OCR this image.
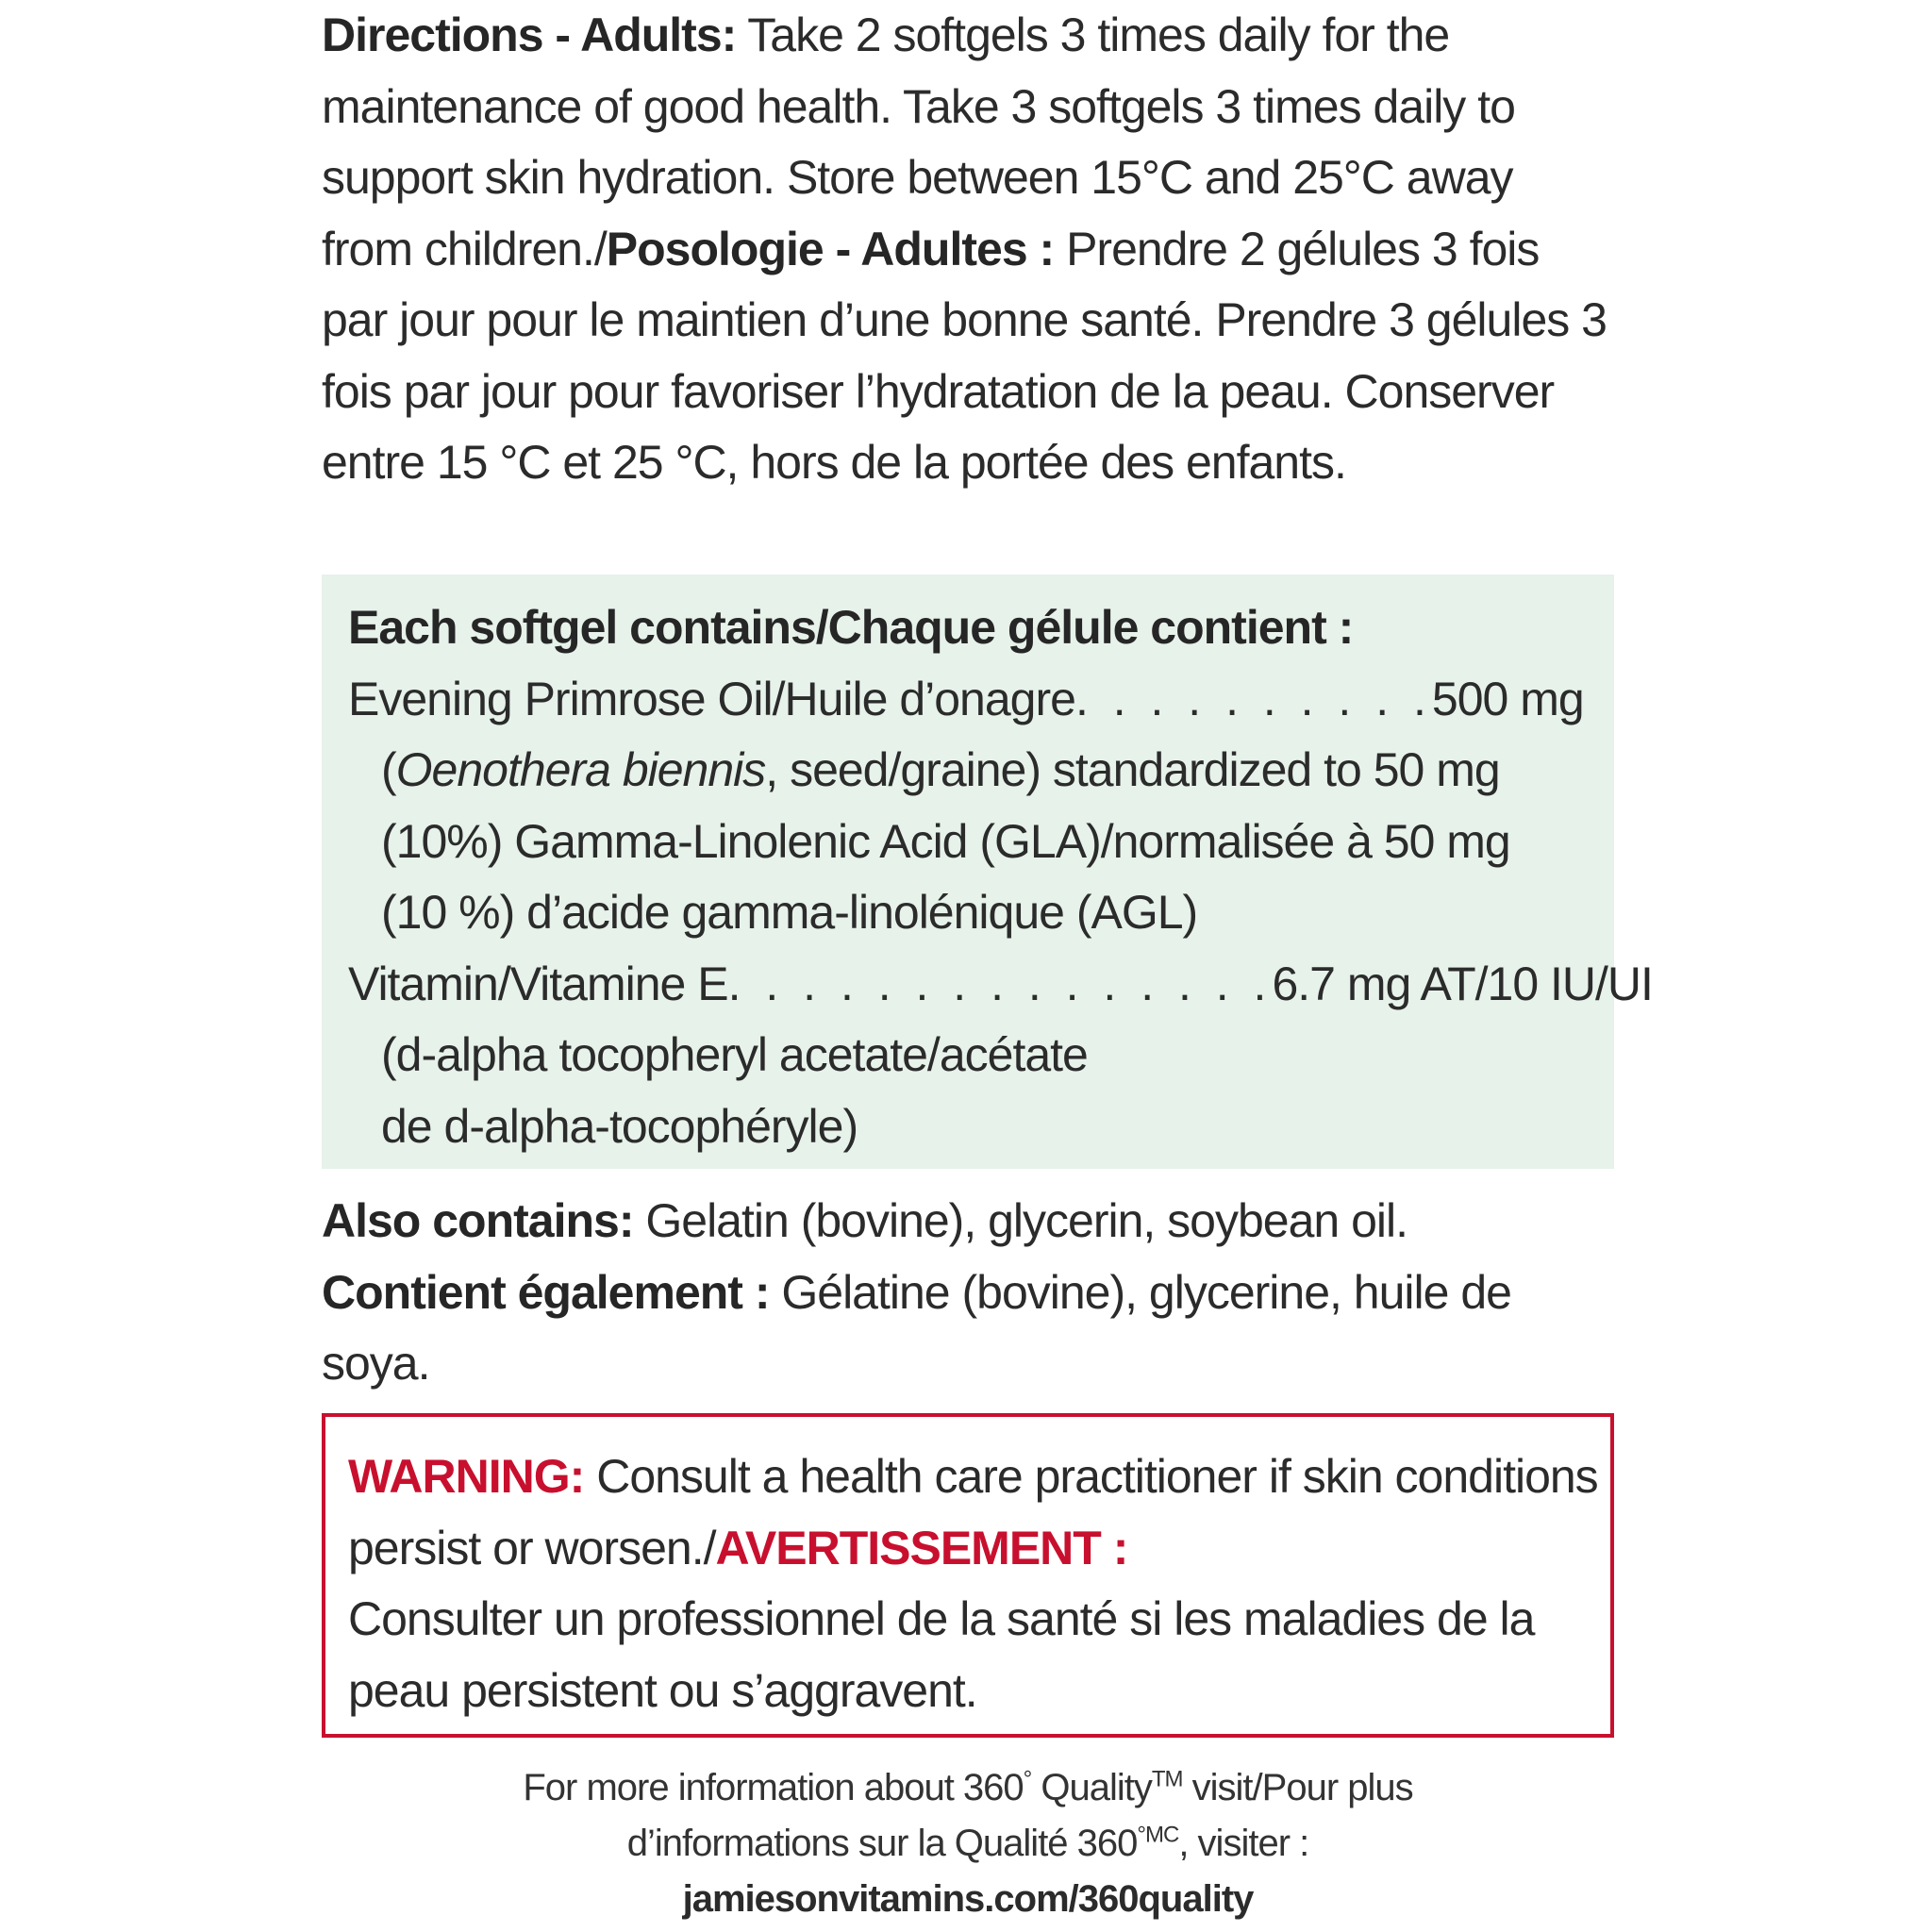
Directions - Adults: Take 2 softgels 3 times daily for the maintenance of good health. Take 3 softgels 3 times daily to support skin hydration. Store between 15°C and 25°C away from children./Posologie - Adultes : Prendre 2 gélules 3 fois par jour pour le maintien d’une bonne santé. Prendre 3 gélules 3 fois par jour pour favoriser l’hydratation de la peau. Conserver entre 15 °C et 25 °C, hors de la portée des enfants.

Each softgel contains/Chaque gélule contient :
Evening Primrose Oil/Huile d’onagre. . . . . . . . . . 500 mg
(Oenothera biennis, seed/graine) standardized to 50 mg
(10%) Gamma-Linolenic Acid (GLA)/normalisée à 50 mg
(10 %) d’acide gamma-linolénique (AGL)
Vitamin/Vitamine E. . . . . . . . . . . . . . . 6.7 mg AT/10 IU/UI
(d-alpha tocopheryl acetate/acétate
de d-alpha-tocophéryle)

Also contains: Gelatin (bovine), glycerin, soybean oil.

Contient également : Gélatine (bovine), glycerine, huile de soya.

WARNING: Consult a health care practitioner if skin conditions persist or worsen./AVERTISSEMENT :
Consulter un professionnel de la santé si les maladies de la peau persistent ou s’aggravent.

For more information about 360° Quality™ visit/Pour plus

d’informations sur la Qualité $360^{^\circ MC}$, visiter :

jamiesonvitamins.com/360quality
